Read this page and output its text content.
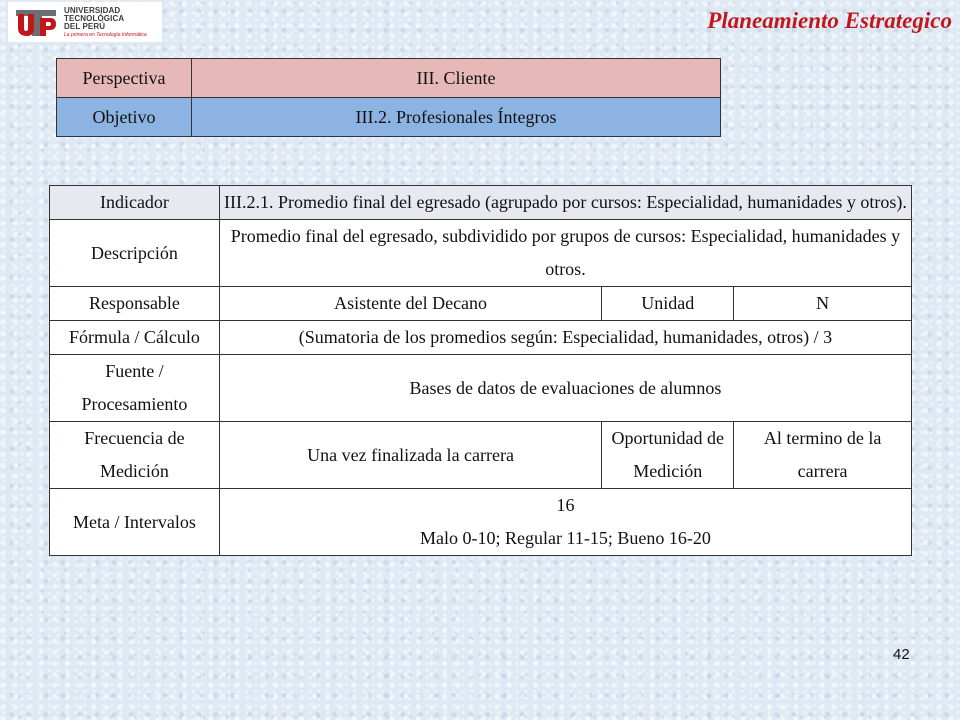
UNIVERSIDAD
TECNOLÓGICA
DEL PERÚ
La primera en Tecnología Informática
Planeamiento Estrategico
Perspectiva	III. Cliente
Objetivo	III.2. Profesionales Íntegros
Indicador	III.2.1. Promedio final del egresado (agrupado por cursos: Especialidad, humanidades y otros).		
Descripción	Promedio final del egresado, subdividido por grupos de cursos: Especialidad, humanidades y otros.		
Responsable	Asistente del Decano	Unidad	N
Fórmula / Cálculo	(Sumatoria de los promedios según: Especialidad, humanidades, otros) / 3		
Fuente / Procesamiento	Bases de datos de evaluaciones de alumnos		
Frecuencia de Medición	Una vez finalizada la carrera	Oportunidad de Medición	Al termino de la carrera
Meta / Intervalos	16
Malo 0-10; Regular 11-15; Bueno 16-20		
42
